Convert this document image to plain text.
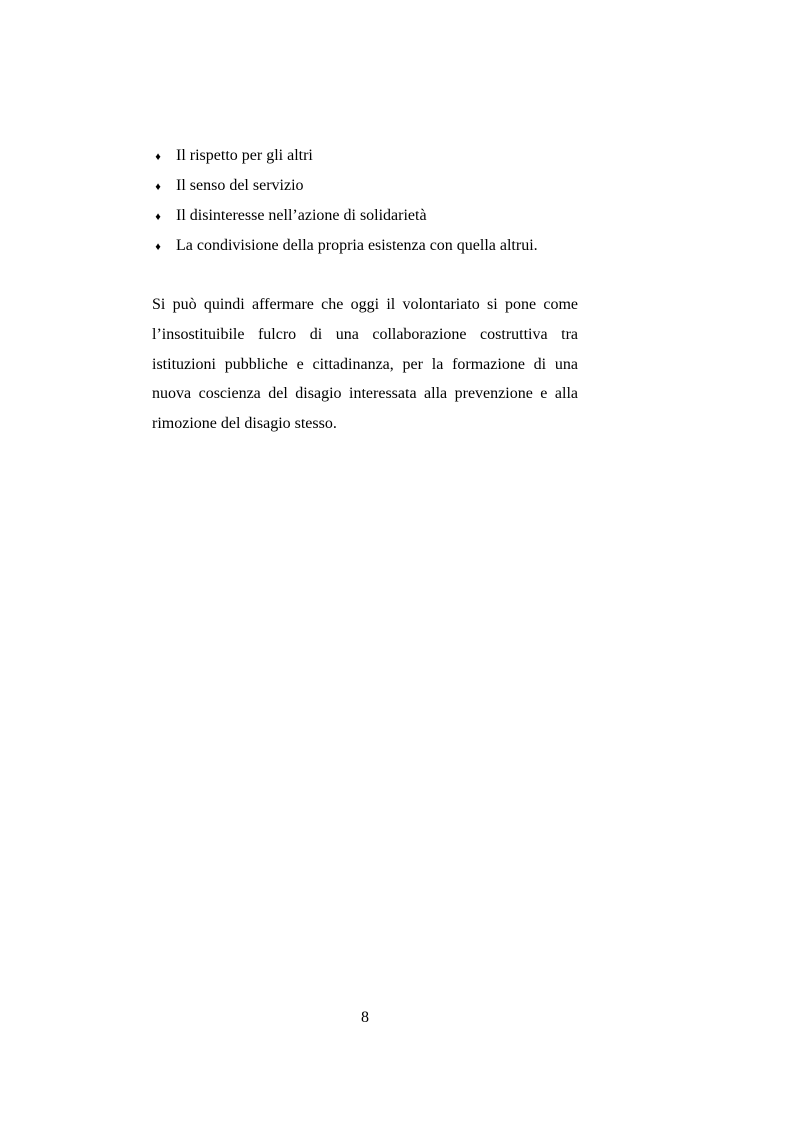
♦ Il rispetto per gli altri
♦ Il senso del servizio
♦ Il disinteresse nell’azione di solidarietà
♦ La condivisione della propria esistenza con quella altrui.

Si può quindi affermare che oggi il volontariato si pone come
l’insostituibile fulcro di una collaborazione costruttiva tra
istituzioni pubbliche e cittadinanza, per la formazione di una
nuova coscienza del disagio interessata alla prevenzione e alla
rimozione del disagio stesso.

8
